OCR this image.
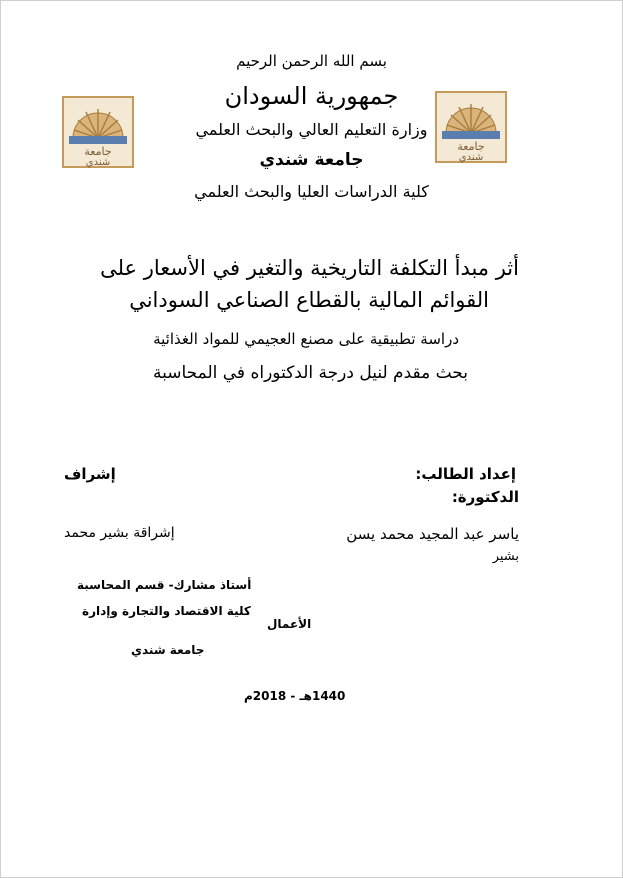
بسم الله الرحمن الرحيم
جمهورية السودان
وزارة التعليم العالي والبحث العلمي
جامعة شندي
كلية الدراسات العليا والبحث العلمي
جامعة
شندي
جامعة
شندي
أثر مبدأ التكلفة التاريخية والتغير في الأسعار على
القوائم المالية بالقطاع الصناعي السوداني
دراسة تطبيقية على مصنع العجيمي للمواد الغذائية
بحث مقدم لنيل درجة الدكتوراه في المحاسبة
إعداد الطالب:
الدكتورة:
ياسر عبد المجيد محمد يسن
بشير
إشراف
إشراقة بشير محمد
أستاذ مشارك- قسم المحاسبة
كلية الاقتصاد والتجارة وإدارة
الأعمال
جامعة شندي
1440هـ - 2018م
